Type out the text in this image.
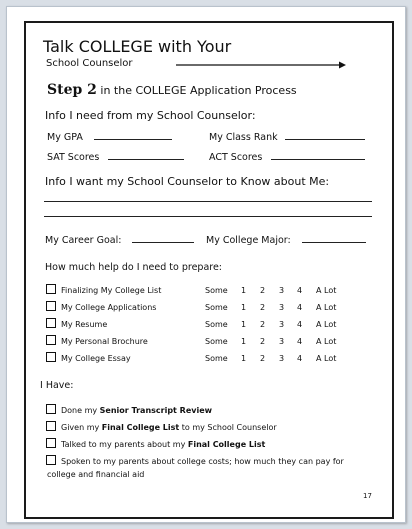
Talk COLLEGE with Your
School Counselor
Step 2 in the COLLEGE Application Process
Info I need from my School Counselor:
My GPA	My Class Rank
SAT Scores	ACT Scores
Info I want my School Counselor to Know about Me:
My Career Goal:	My College Major:
How much help do I need to prepare:
Finalizing My College List	Some 1 2 3 4 A Lot
My College Applications	Some 1 2 3 4 A Lot
My Resume	Some 1 2 3 4 A Lot
My Personal Brochure	Some 1 2 3 4 A Lot
My College Essay	Some 1 2 3 4 A Lot
I Have:
Done my Senior Transcript Review
Given my Final College List to my School Counselor
Talked to my parents about my Final College List
Spoken to my parents about college costs; how much they can pay for
college and financial aid
17
